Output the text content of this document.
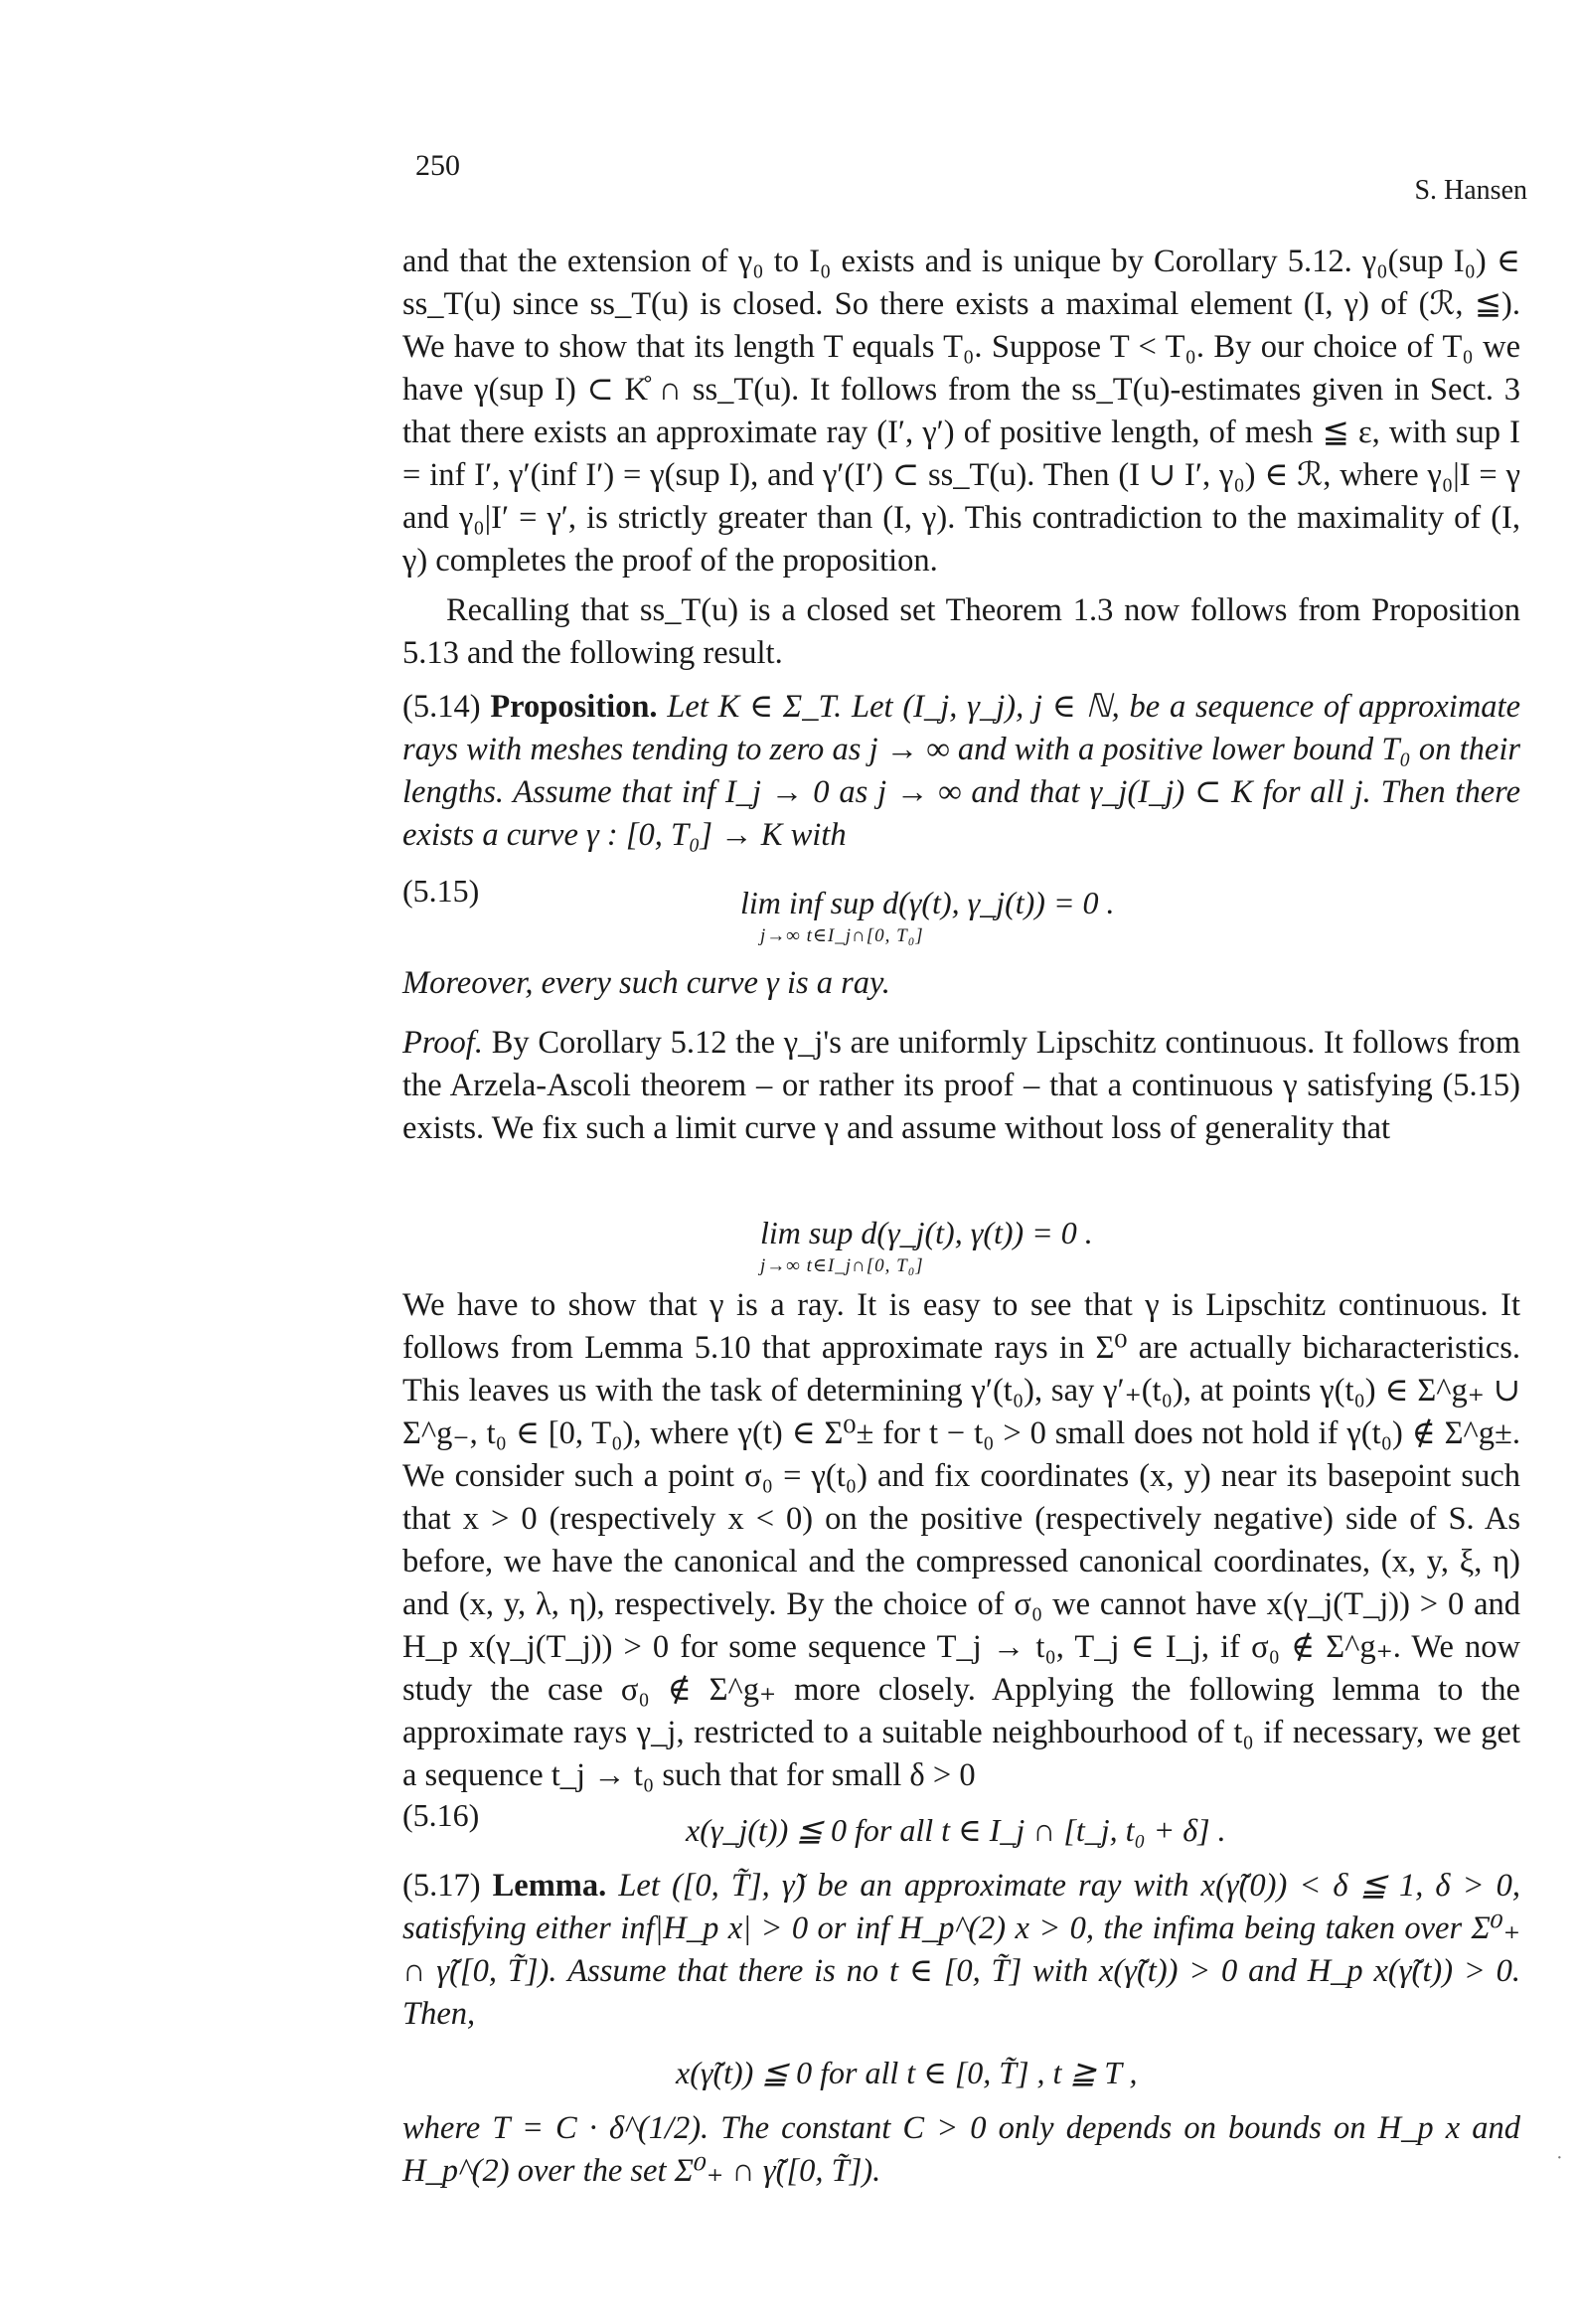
250
S. Hansen

and that the extension of γ₀ to I₀ exists and is unique by Corollary 5.12. γ₀(sup I₀) ∈ ss_T(u) since ss_T(u) is closed. So there exists a maximal element (I, γ) of (ℛ, ≦). We have to show that its length T equals T₀. Suppose T < T₀. By our choice of T₀ we have γ(sup I) ⊂ K̊ ∩ ss_T(u). It follows from the ss_T(u)-estimates given in Sect. 3 that there exists an approximate ray (I′, γ′) of positive length, of mesh ≦ ε, with sup I = inf I′, γ′(inf I′) = γ(sup I), and γ′(I′) ⊂ ss_T(u). Then (I ∪ I′, γ₀) ∈ ℛ, where γ₀|I = γ and γ₀|I′ = γ′, is strictly greater than (I, γ). This contradiction to the maximality of (I, γ) completes the proof of the proposition.

Recalling that ss_T(u) is a closed set Theorem 1.3 now follows from Proposition 5.13 and the following result.

(5.14) Proposition. Let K ∈ Σ_T. Let (I_j, γ_j), j ∈ ℕ, be a sequence of approximate rays with meshes tending to zero as j → ∞ and with a positive lower bound T₀ on their lengths. Assume that inf I_j → 0 as j → ∞ and that γ_j(I_j) ⊂ K for all j. Then there exists a curve γ : [0, T₀] → K with

(5.15)	lim inf sup d(γ(t), γ_j(t)) = 0 .
j→∞ t∈I_j∩[0, T₀]
Moreover, every such curve γ is a ray.

Proof. By Corollary 5.12 the γ_j's are uniformly Lipschitz continuous. It follows from the Arzela-Ascoli theorem – or rather its proof – that a continuous γ satisfying (5.15) exists. We fix such a limit curve γ and assume without loss of generality that

lim sup d(γ_j(t), γ(t)) = 0 .
j→∞ t∈I_j∩[0, T₀]

We have to show that γ is a ray. It is easy to see that γ is Lipschitz continuous. It follows from Lemma 5.10 that approximate rays in Σ⁰ are actually bicharacteristics. This leaves us with the task of determining γ′(t₀), say γ′₊(t₀), at points γ(t₀) ∈ Σ^g₊ ∪ Σ^g₋, t₀ ∈ [0, T₀), where γ(t) ∈ Σ⁰± for t − t₀ > 0 small does not hold if γ(t₀) ∉ Σ^g±. We consider such a point σ₀ = γ(t₀) and fix coordinates (x, y) near its basepoint such that x > 0 (respectively x < 0) on the positive (respectively negative) side of S. As before, we have the canonical and the compressed canonical coordinates, (x, y, ξ, η) and (x, y, λ, η), respectively. By the choice of σ₀ we cannot have x(γ_j(T_j)) > 0 and H_p x(γ_j(T_j)) > 0 for some sequence T_j → t₀, T_j ∈ I_j, if σ₀ ∉ Σ^g₊. We now study the case σ₀ ∉ Σ^g₊ more closely. Applying the following lemma to the approximate rays γ_j, restricted to a suitable neighbourhood of t₀ if necessary, we get a sequence t_j → t₀ such that for small δ > 0

(5.16)	x(γ_j(t)) ≦ 0 for all t ∈ I_j ∩ [t_j, t₀ + δ] .

(5.17) Lemma. Let ([0, T̃], γ̃) be an approximate ray with x(γ̃(0)) < δ ≦ 1, δ > 0, satisfying either inf|H_p x| > 0 or inf H_p^(2) x > 0, the infima being taken over Σ⁰₊ ∩ γ̃([0, T̃]). Assume that there is no t ∈ [0, T̃] with x(γ̃(t)) > 0 and H_p x(γ̃(t)) > 0. Then,

x(γ̃(t)) ≦ 0 for all t ∈ [0, T̃] , t ≧ T ,
where T = C · δ^(1/2). The constant C > 0 only depends on bounds on H_p x and H_p^(2) over the set Σ⁰₊ ∩ γ̃([0, T̃]).	·
